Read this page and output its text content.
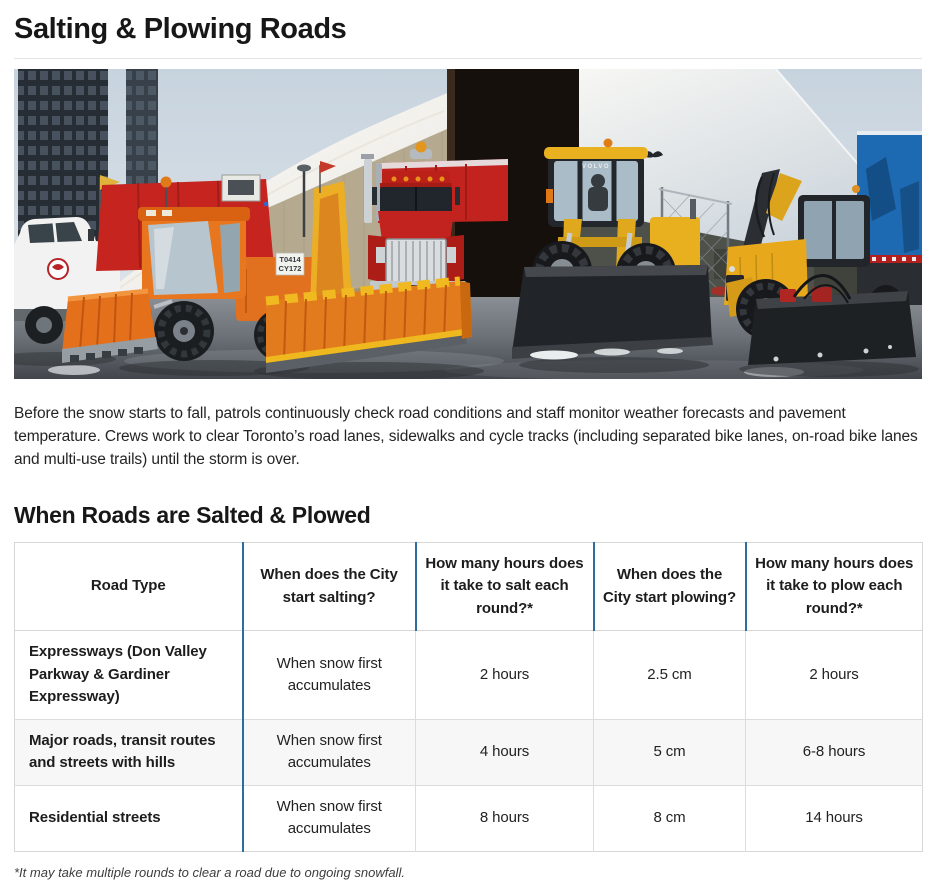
Salting & Plowing Roads
T0414
CY172
VOLVO

Before the snow starts to fall, patrols continuously check road conditions and staff monitor weather forecasts and pavement temperature. Crews work to clear Toronto’s road lanes, sidewalks and cycle tracks (including separated bike lanes, on-road bike lanes and multi-use trails) until the storm is over.

When Roads are Salted & Plowed
Road Type	When does the City start salting?	How many hours does it take to salt each round?*	When does the City start plowing?	How many hours does it take to plow each round?*
Expressways (Don Valley Parkway & Gardiner Expressway)	When snow first accumulates	2 hours	2.5 cm	2 hours
Major roads, transit routes and streets with hills	When snow first accumulates	4 hours	5 cm	6-8 hours
Residential streets	When snow first accumulates	8 hours	8 cm	14 hours

*It may take multiple rounds to clear a road due to ongoing snowfall.
